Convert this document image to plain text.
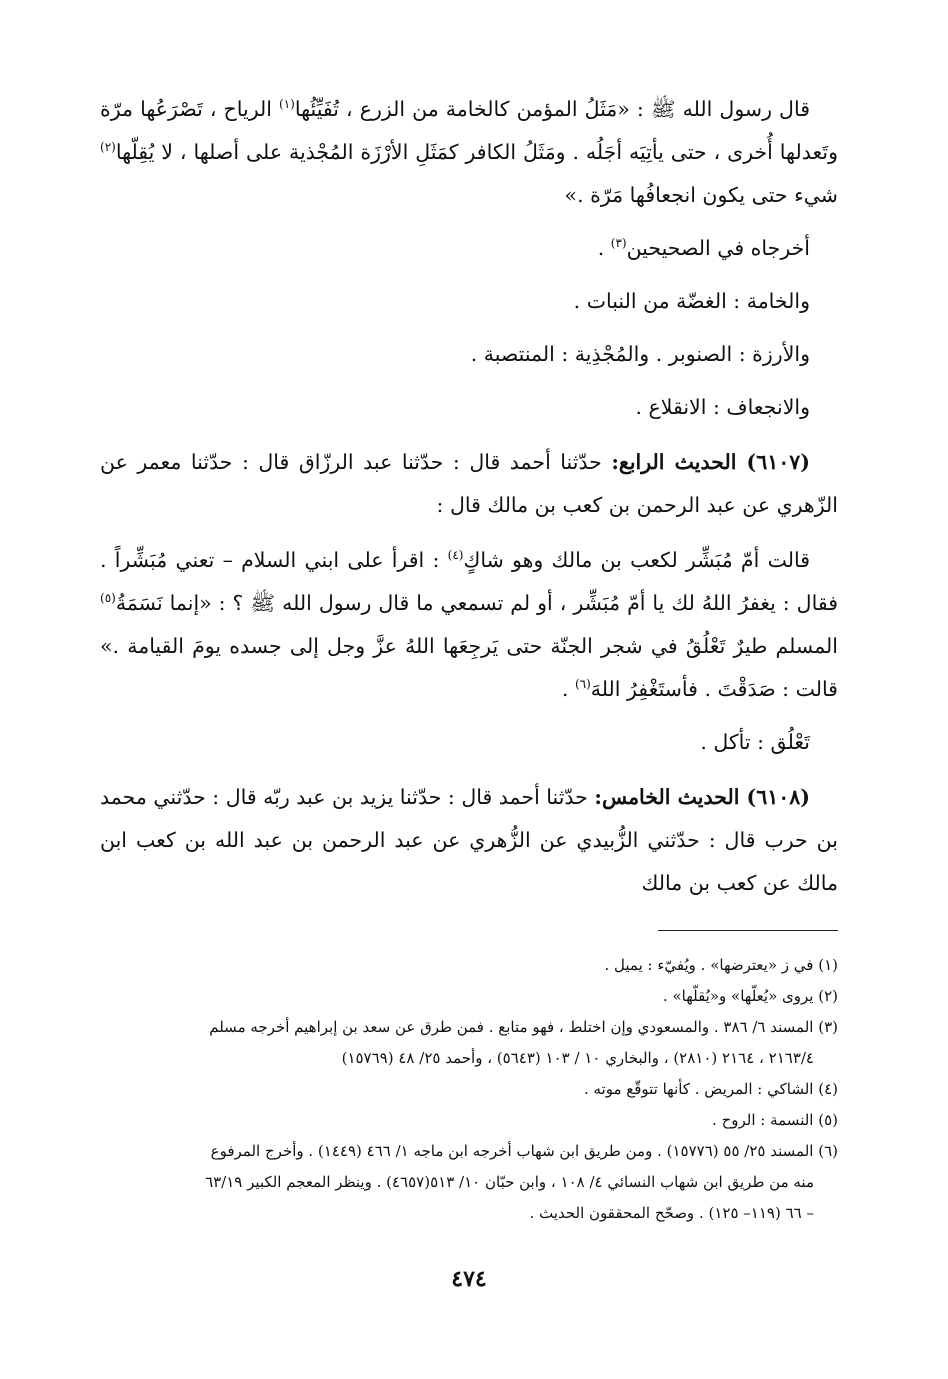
قال رسول الله ﷺ : «مَثَلُ المؤمن كالخامة من الزرع ، تُفَيِّئُها$^{(١)}$ الرياح ، تَصْرَعُها مرّة وتَعدلها أُخرى ، حتى يأتِيَه أجَلُه . ومَثَلُ الكافر كمَثَلِ الأرْزَة المُجْذية على أصلها ، لا يُقِلّها$^{(٢)}$ شيء حتى يكون انجعافُها مَرّة .»

أخرجاه في الصحيحين$^{(٣)}$ .

والخامة : الغضّة من النبات .

والأرزة : الصنوبر . والمُجْذِية : المنتصبة .

والانجعاف : الانقلاع .

(٦١٠٧) الحديث الرابع: حدّثنا أحمد قال : حدّثنا عبد الرزّاق قال : حدّثنا معمر عن الزّهري عن عبد الرحمن بن كعب بن مالك قال :

قالت أمّ مُبَشِّر لكعب بن مالك وهو شاكٍ$^{(٤)}$ : اقرأ على ابني السلام – تعني مُبَشِّراً . فقال : يغفرُ اللهُ لك يا أمّ مُبَشِّر ، أو لم تسمعي ما قال رسول الله ﷺ ؟ : «إنما نَسَمَةُ$^{(٥)}$ المسلم طيرٌ تَعْلُقُ في شجر الجنّة حتى يَرجِعَها اللهُ عزَّ وجل إلى جسده يومَ القيامة .» قالت : صَدَقْتَ . فأستَغْفِرُ اللهَ$^{(٦)}$ .

تَعْلُق : تأكل .

(٦١٠٨) الحديث الخامس: حدّثنا أحمد قال : حدّثنا يزيد بن عبد ربّه قال : حدّثني محمد بن حرب قال : حدّثني الزُّبيدي عن الزُّهري عن عبد الرحمن بن عبد الله بن كعب ابن مالك عن كعب بن مالك

(١) في ز «يعترضها» . ويُفيّء : يميل .

(٢) يروى «يُعلّها» و«يُقلّها» .

(٣) المسند ٦/ ٣٨٦ . والمسعودي وإن اختلط ، فهو متابع . فمن طرق عن سعد بن إبراهيم أخرجه مسلم
٢١٦٣/٤ ، ٢١٦٤ (٢٨١٠) ، والبخاري ١٠ / ١٠٣ (٥٦٤٣) ، وأحمد ٢٥/ ٤٨ (١٥٧٦٩)

(٤) الشاكي : المريض . كأنها تتوقّع موته .

(٥) النسمة : الروح .

(٦) المسند ٢٥/ ٥٥ (١٥٧٧٦) . ومن طريق ابن شهاب أخرجه ابن ماجه ١/ ٤٦٦ (١٤٤٩) . وأخرج المرفوع
منه من طريق ابن شهاب النسائي ٤/ ١٠٨ ، وابن حبّان ١٠/ ٥١٣(٤٦٥٧) . وينظر المعجم الكبير ٦٣/١٩
– ٦٦ (١١٩– ١٢٥) . وصحّح المحققون الحديث .

٤٧٤
